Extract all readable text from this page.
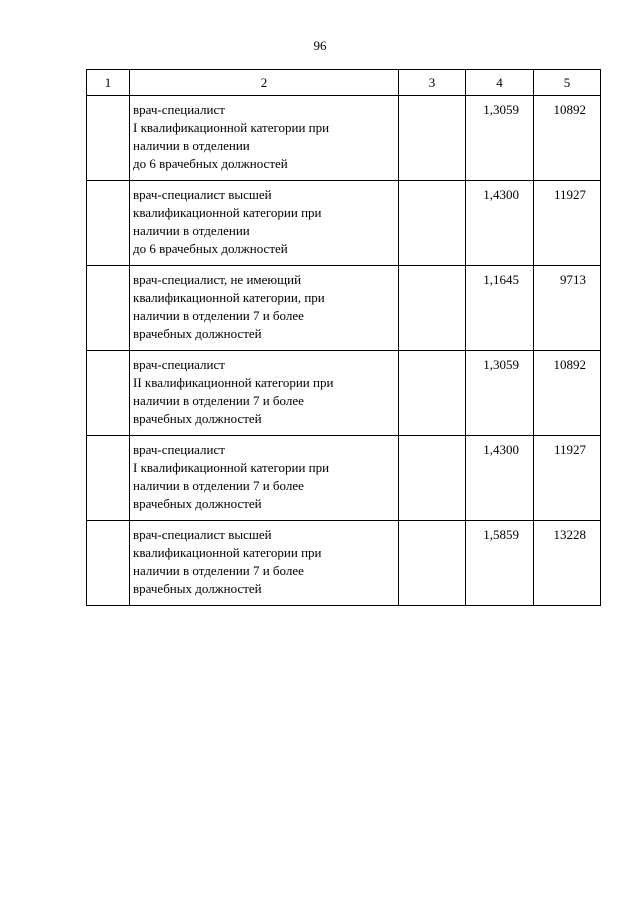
96
1	2	3	4	5

	врач-специалист
I квалификационной категории при
наличии в отделении
до 6 врачебных должностей		1,3059	10892

	врач-специалист высшей
квалификационной категории при
наличии в отделении
до 6 врачебных должностей		1,4300	11927

	врач-специалист, не имеющий
квалификационной категории, при
наличии в отделении 7 и более
врачебных должностей		1,1645	9713

	врач-специалист
II квалификационной категории при
наличии в отделении 7 и более
врачебных должностей		1,3059	10892

	врач-специалист
I квалификационной категории при
наличии в отделении 7 и более
врачебных должностей		1,4300	11927

	врач-специалист высшей
квалификационной категории при
наличии в отделении 7 и более
врачебных должностей		1,5859	13228
